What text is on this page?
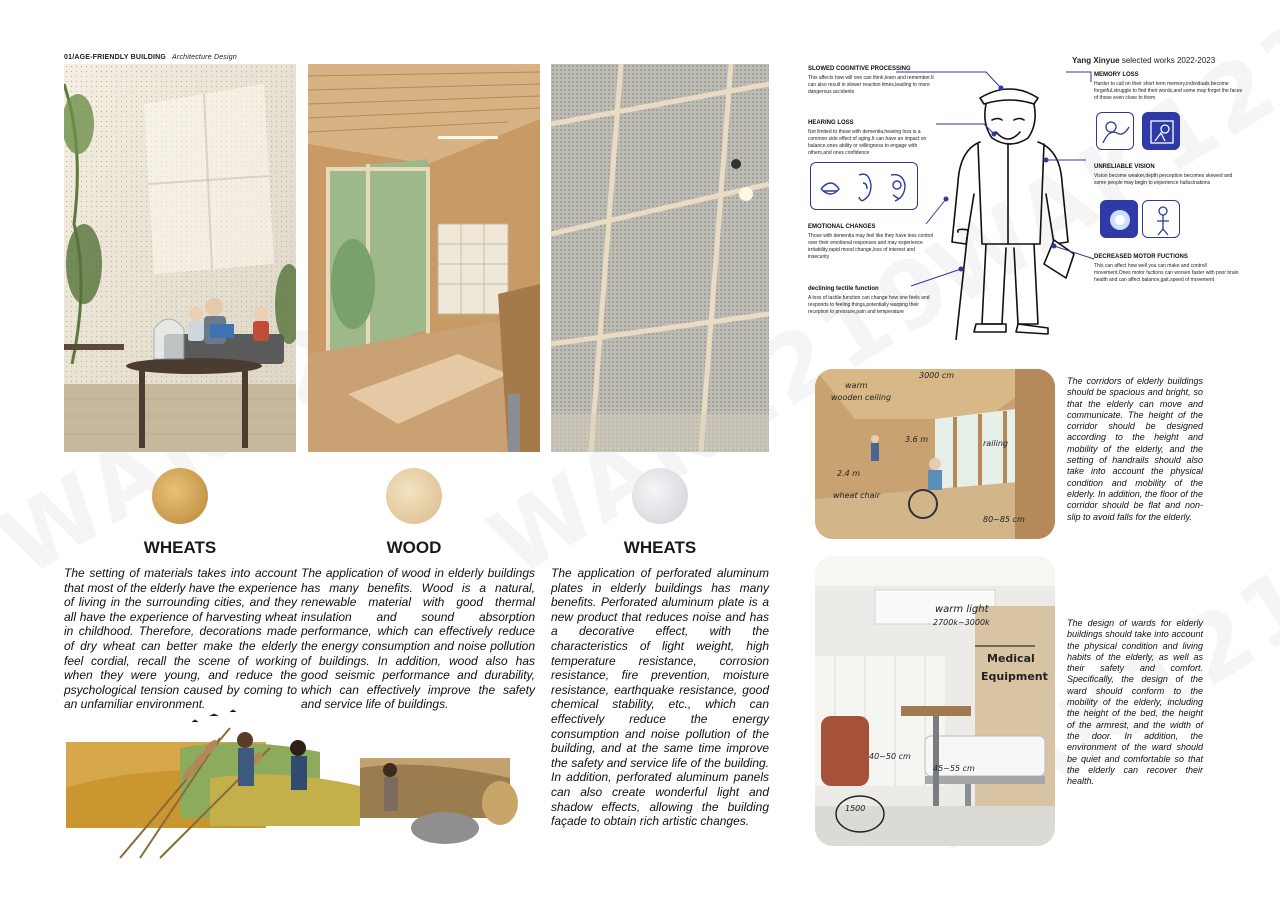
01/AGE-FRIENDLY BUILDING Architecture Design	Yang Xinyue selected works 2022-2023
WHEATS	WOOD	WHEATS
The setting of materials takes into account that most of the elderly have the experience of living in the surrounding cities, and they all have the experience of harvesting wheat in childhood. Therefore, decorations made of dry wheat can better make the elderly feel cordial, recall the scene of working when they were young, and reduce the psychological tension caused by coming to an unfamiliar environment.
The application of wood in elderly buildings has many benefits. Wood is a natural, renewable material with good thermal insulation and sound absorption performance, which can effectively reduce the energy consumption and noise pollution of buildings. In addition, wood also has good seismic performance and durability, which can effectively improve the safety and service life of buildings.
The application of perforated aluminum plates in elderly buildings has many benefits. Perforated aluminum plate is a new product that reduces noise and has a decorative effect, with the characteristics of light weight, high temperature resistance, corrosion resistance, fire prevention, moisture resistance, earthquake resistance, good chemical stability, etc., which can effectively reduce the energy consumption and noise pollution of the building, and at the same time improve the safety and service life of the building. In addition, perforated aluminum panels can also create wonderful light and shadow effects, allowing the building façade to obtain rich artistic changes.
SLOWED COGNITIVE PROCESSING
This affects how will one can think,learn and remember.It can also result in slower reaction times,leading to more dangerous accidents
HEARING LOSS
Not limited to those with dementia,hearing loss is a common side effect of aging.It can have an impact on balance,ones ability or willingness to engage with others,and ones confidence
EMOTIONAL CHANGES
Those with dementia may feel like they have less control over their emotional responses and may experience irritability,rapid mood change,loss of interest and insecurity
declining tectile function
A loss of tactile function can change how one feels and responds to feeling things,potentially warping their reception to pressure,pain and temperature
MEMORY LOSS
Harder to call on their short term memory,individuals become forgetful,struggle to find their words,and some may forget the faces of those even close to them
UNRELIABLE VISION
Vision become weaker,depth perception becomes skewed and some people may begin to experience hallucinations
DECREASED MOTOR FUCTIONS
This can affect how well you can make and controll movement.Ones motor fuctions can worsen faster with poor brain health and can affect balance,gait,speed of movement
warm
wooden ceiling
3000 cm
3.6 m
2.4 m
railing
wheat chair
80~85 cm
The corridors of elderly buildings should be spacious and bright, so that the elderly can move and communicate. The height of the corridor should be designed according to the height and mobility of the elderly, and the setting of handrails should also take into account the physical condition and mobility of the elderly. In addition, the floor of the corridor should be flat and non-slip to avoid falls for the elderly.
warm light
2700k~3000k
Medical
Equipment
40~50 cm
45~55 cm
1500
The design of wards for elderly buildings should take into account the physical condition and living habits of the elderly, as well as their safety and comfort. Specifically, the design of the ward should conform to the mobility of the elderly, including the height of the bed, the height of the armrest, and the width of the door. In addition, the environment of the ward should be quiet and comfortable so that the elderly can recover their health.
